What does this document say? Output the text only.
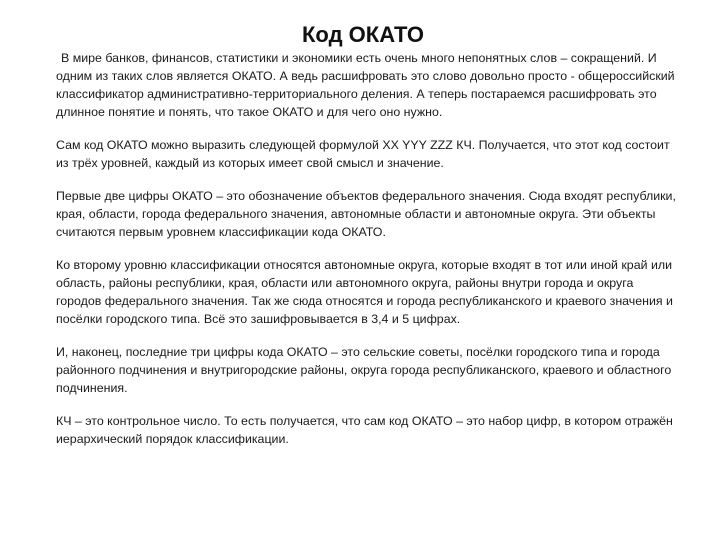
Код ОКАТО

В мире банков, финансов, статистики и экономики есть очень много непонятных слов – сокращений. И одним из таких слов является ОКАТО. А ведь расшифровать это слово довольно просто - общероссийский классификатор административно-территориального деления. А теперь постараемся расшифровать это длинное понятие и понять, что такое ОКАТО и для чего оно нужно.

Сам код ОКАТО можно выразить следующей формулой XX YYY ZZZ КЧ. Получается, что этот код состоит из трёх уровней, каждый из которых имеет свой смысл и значение.

Первые две цифры ОКАТО – это обозначение объектов федерального значения. Сюда входят республики, края, области, города федерального значения, автономные области и автономные округа. Эти объекты считаются первым уровнем классификации кода ОКАТО.

Ко второму уровню классификации относятся автономные округа, которые входят в тот или иной край или область, районы республики, края, области или автономного округа, районы внутри города и округа городов федерального значения. Так же сюда относятся и города республиканского и краевого значения и посёлки городского типа. Всё это зашифровывается в 3,4 и 5 цифрах.

И, наконец, последние три цифры кода ОКАТО – это сельские советы, посёлки городского типа и города районного подчинения и внутригородские районы, округа города республиканского, краевого и областного подчинения.

КЧ – это контрольное число. То есть получается, что сам код ОКАТО – это набор цифр, в котором отражён иерархический порядок классификации.
